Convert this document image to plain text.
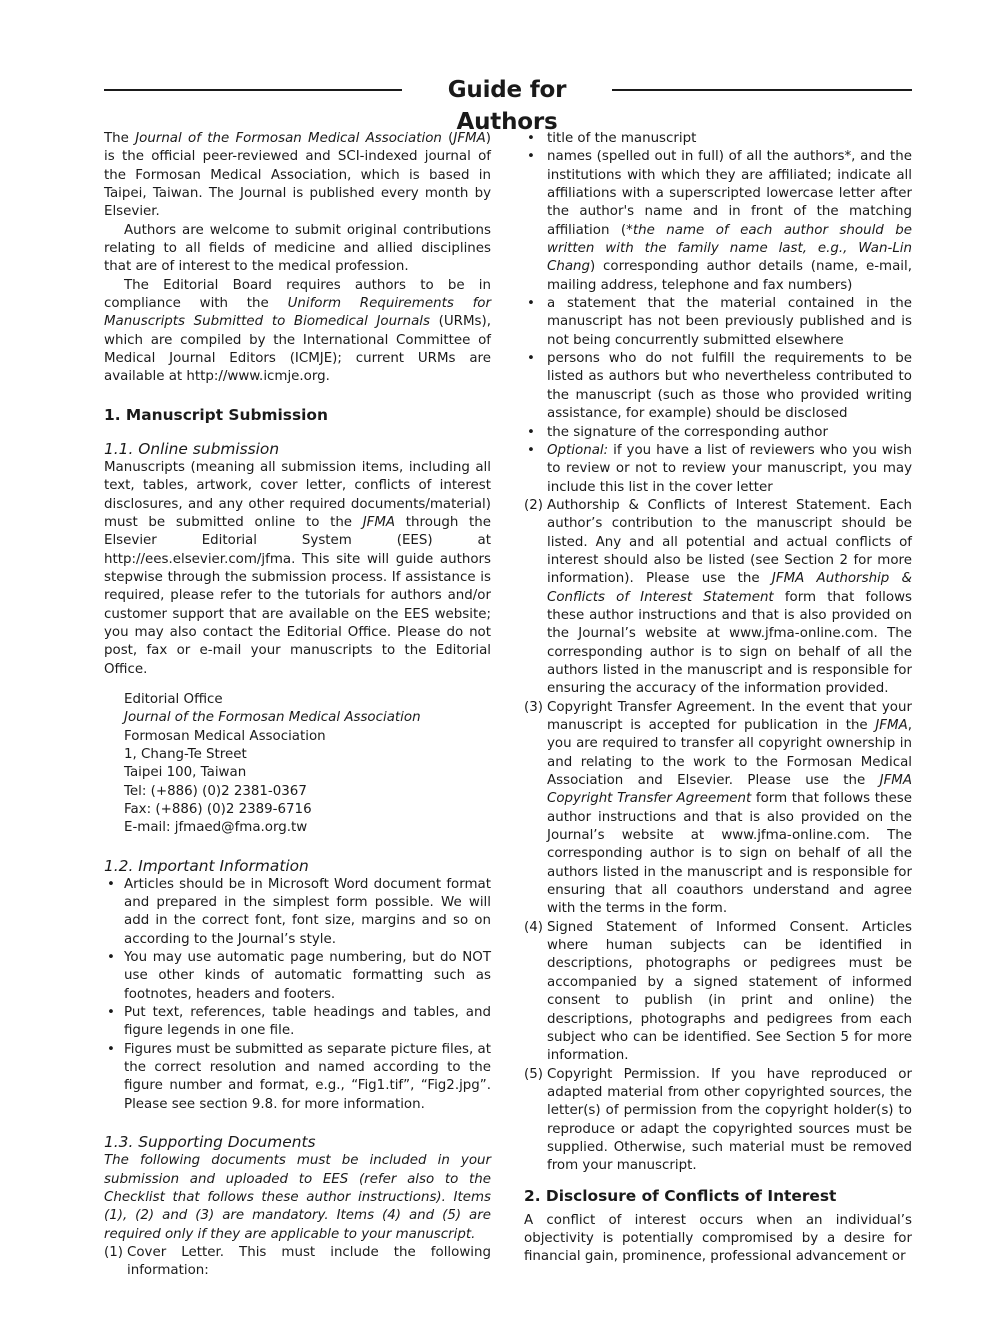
Guide for Authors

The Journal of the Formosan Medical Association (JFMA) is the official peer-reviewed and SCI-indexed journal of the Formosan Medical Association, which is based in Taipei, Taiwan. The Journal is published every month by Elsevier.

Authors are welcome to submit original contributions relating to all fields of medicine and allied disciplines that are of interest to the medical profession.

The Editorial Board requires authors to be in compliance with the Uniform Requirements for Manuscripts Submitted to Biomedical Journals (URMs), which are compiled by the International Committee of Medical Journal Editors (ICMJE); current URMs are available at http://www.icmje.org.

1. Manuscript Submission
1.1. Online submission

Manuscripts (meaning all submission items, including all text, tables, artwork, cover letter, conflicts of interest disclosures, and any other required documents/material) must be submitted online to the JFMA through the Elsevier Editorial System (EES) at http://ees.elsevier.com/jfma. This site will guide authors stepwise through the submission process. If assistance is required, please refer to the tutorials for authors and/or customer support that are available on the EES website; you may also contact the Editorial Office. Please do not post, fax or e-mail your manuscripts to the Editorial Office.

Editorial Office
Journal of the Formosan Medical Association
Formosan Medical Association
1, Chang-Te Street
Taipei 100, Taiwan
Tel: (+886) (0)2 2381-0367
Fax: (+886) (0)2 2389-6716
E-mail: jfmaed@fma.org.tw
1.2. Important Information
• Articles should be in Microsoft Word document format and prepared in the simplest form possible. We will add in the correct font, font size, margins and so on according to the Journal’s style.
• You may use automatic page numbering, but do NOT use other kinds of automatic formatting such as footnotes, headers and footers.
• Put text, references, table headings and tables, and figure legends in one file.
• Figures must be submitted as separate picture files, at the correct resolution and named according to the figure number and format, e.g., “Fig1.tif”, “Fig2.jpg”. Please see section 9.8. for more information.
1.3. Supporting Documents

The following documents must be included in your submission and uploaded to EES (refer also to the Checklist that follows these author instructions). Items (1), (2) and (3) are mandatory. Items (4) and (5) are required only if they are applicable to your manuscript.

(1) Cover Letter. This must include the following information:
• title of the manuscript
• names (spelled out in full) of all the authors*, and the institutions with which they are affiliated; indicate all affiliations with a superscripted lowercase letter after the author's name and in front of the matching affiliation (*the name of each author should be written with the family name last, e.g., Wan-Lin Chang) corresponding author details (name, e-mail, mailing address, telephone and fax numbers)
• a statement that the material contained in the manuscript has not been previously published and is not being concurrently submitted elsewhere
• persons who do not fulfill the requirements to be listed as authors but who nevertheless contributed to the manuscript (such as those who provided writing assistance, for example) should be disclosed
• the signature of the corresponding author
• Optional: if you have a list of reviewers who you wish to review or not to review your manuscript, you may include this list in the cover letter
(2) Authorship & Conflicts of Interest Statement. Each author’s contribution to the manuscript should be listed. Any and all potential and actual conflicts of interest should also be listed (see Section 2 for more information). Please use the JFMA Authorship & Conflicts of Interest Statement form that follows these author instructions and that is also provided on the Journal’s website at www.jfma-online.com. The corresponding author is to sign on behalf of all the authors listed in the manuscript and is responsible for ensuring the accuracy of the information provided.
(3) Copyright Transfer Agreement. In the event that your manuscript is accepted for publication in the JFMA, you are required to transfer all copyright ownership in and relating to the work to the Formosan Medical Association and Elsevier. Please use the JFMA Copyright Transfer Agreement form that follows these author instructions and that is also provided on the Journal’s website at www.jfma-online.com. The corresponding author is to sign on behalf of all the authors listed in the manuscript and is responsible for ensuring that all coauthors understand and agree with the terms in the form.
(4) Signed Statement of Informed Consent. Articles where human subjects can be identified in descriptions, photographs or pedigrees must be accompanied by a signed statement of informed consent to publish (in print and online) the descriptions, photographs and pedigrees from each subject who can be identified. See Section 5 for more information.
(5) Copyright Permission. If you have reproduced or adapted material from other copyrighted sources, the letter(s) of permission from the copyright holder(s) to reproduce or adapt the copyrighted sources must be supplied. Otherwise, such material must be removed from your manuscript.
2. Disclosure of Conflicts of Interest

A conflict of interest occurs when an individual’s objectivity is potentially compromised by a desire for financial gain, prominence, professional advancement or
